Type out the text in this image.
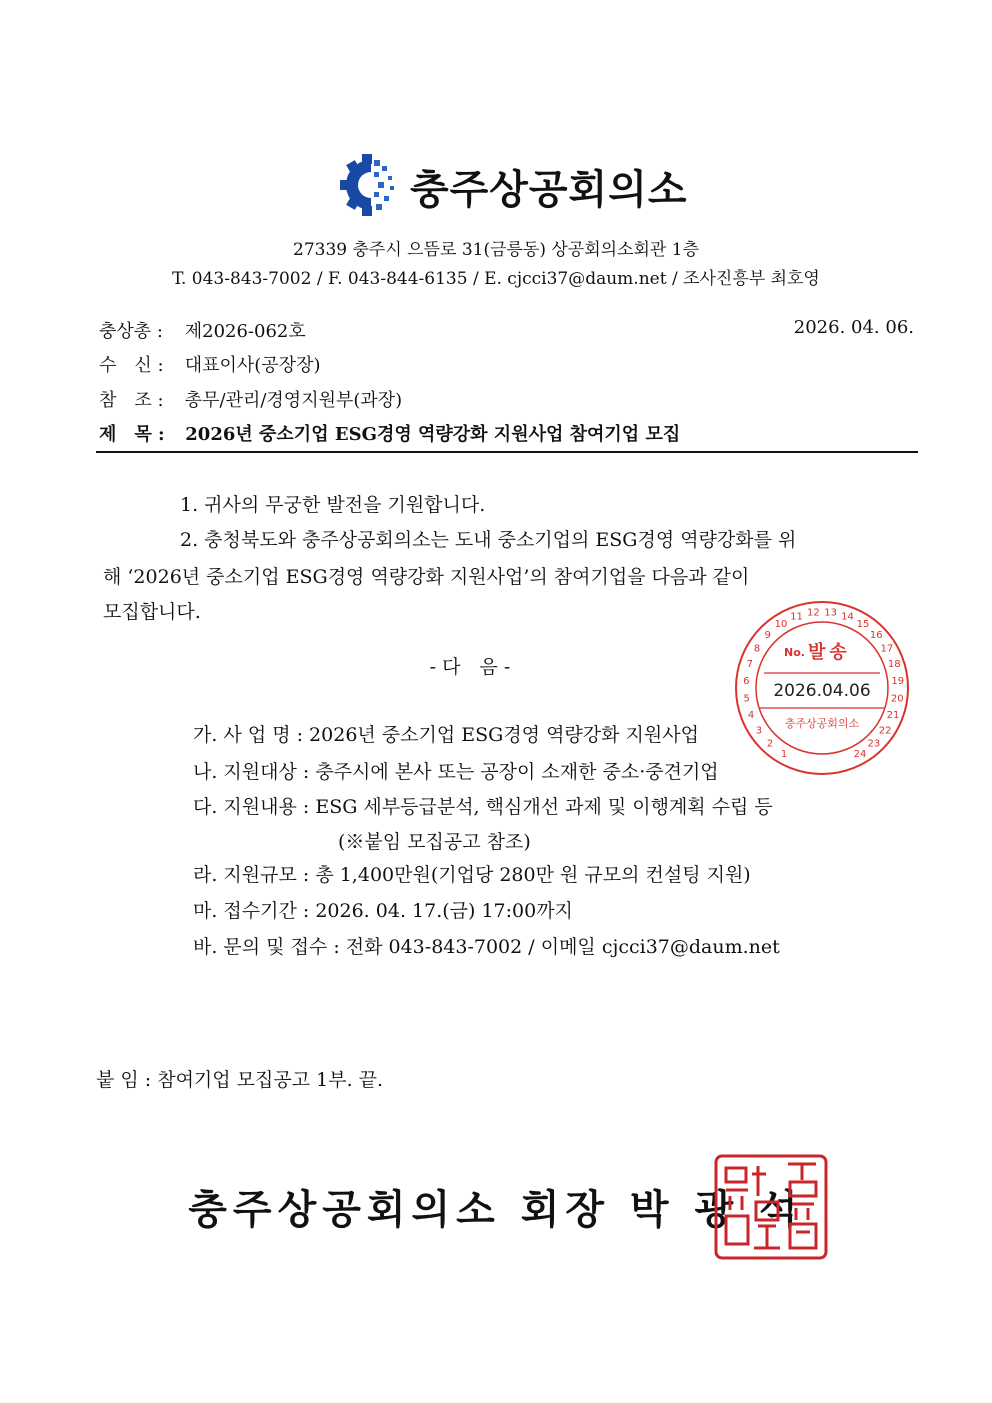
충주상공회의소
27339 충주시 으뜸로 31(금릉동) 상공회의소회관 1층
T. 043-843-7002 / F. 043-844-6135 / E. cjcci37@daum.net / 조사진흥부 최호영
충상총 : 제2026-062호	2026. 04. 06.
수　신 : 대표이사(공장장)
참　조 : 총무/관리/경영지원부(과장)
제　목 : 2026년 중소기업 ESG경영 역량강화 지원사업 참여기업 모집
1. 귀사의 무궁한 발전을 기원합니다.
2. 충청북도와 충주상공회의소는 도내 중소기업의 ESG경영 역량강화를 위
해 ‘2026년 중소기업 ESG경영 역량강화 지원사업’의 참여기업을 다음과 같이
모집합니다.
- 다　음 -
가. 사 업 명 : 2026년 중소기업 ESG경영 역량강화 지원사업
나. 지원대상 : 충주시에 본사 또는 공장이 소재한 중소·중견기업
다. 지원내용 : ESG 세부등급분석, 핵심개선 과제 및 이행계획 수립 등
(※붙임 모집공고 참조)
라. 지원규모 : 총 1,400만원(기업당 280만 원 규모의 컨설팅 지원)
마. 접수기간 : 2026. 04. 17.(금) 17:00까지
바. 문의 및 접수 : 전화 043-843-7002 / 이메일 cjcci37@daum.net
붙 임 : 참여기업 모집공고 1부. 끝.
충주상공회의소 회장 박 광 석
1
2
3
4
5
6
7
8
9
10
11 12 13 14
15
16
17
18
19
20
21
22
23
24
No. 발송
2026.04.06
충주상공회의소
